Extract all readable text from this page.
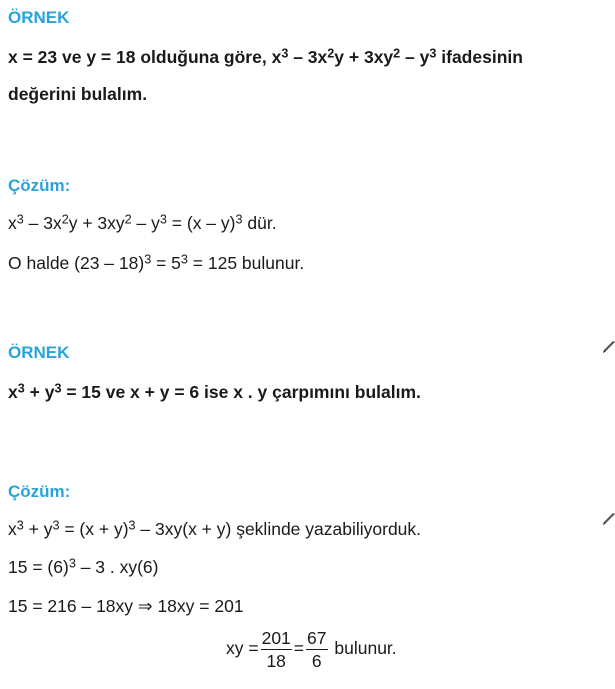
ÖRNEK
x = 23 ve y = 18 olduğuna göre, $x^3 - 3x^2y + 3xy^2 - y^3$ ifadesinin
değerini bulalım.
Çözüm:
$x^3 - 3x^2y + 3xy^2 - y^3 = (x - y)^3$ dür.
O halde $(23 - 18)^3 = 5^3 = 125$ bulunur.
ÖRNEK
$x^3 + y^3 = 15$ ve x + y = 6 ise x . y çarpımını bulalım.
Çözüm:
$x^3 + y^3 = (x + y)^3 - 3xy(x + y)$ şeklinde yazabiliyorduk.
$15 = (6)^3 - 3$ . xy(6)
15 = 216 – 18xy ⇒ 18xy = 201
xy = $\frac{201}{18} = \frac{67}{6}$ bulunur.
